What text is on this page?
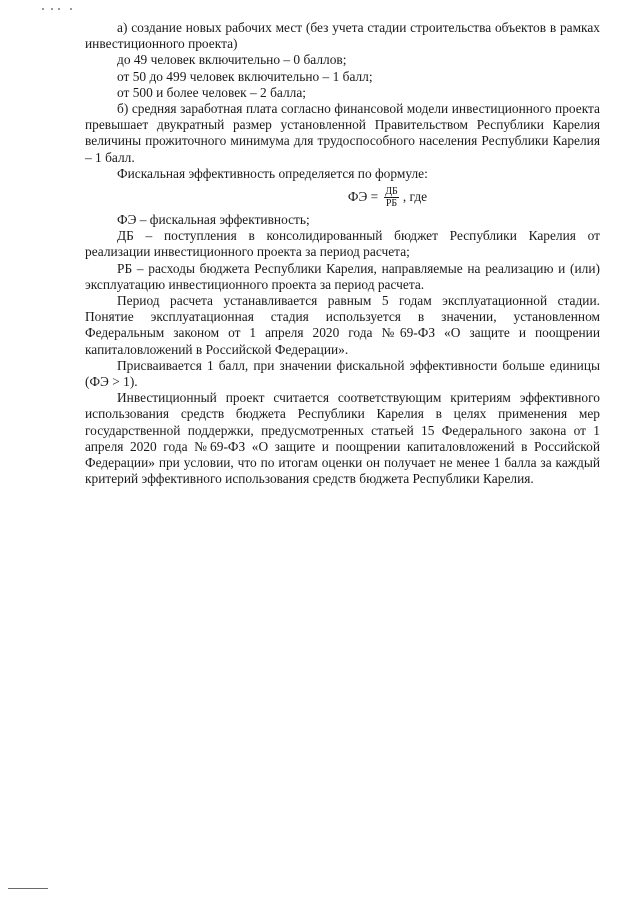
а) создание новых рабочих мест (без учета стадии строительства объектов в рамках инвестиционного проекта)

до 49 человек включительно – 0 баллов;

от 50 до 499 человек включительно – 1 балл;

от 500 и более человек – 2 балла;

б) средняя заработная плата согласно финансовой модели инвестиционного проекта превышает двукратный размер установленной Правительством Республики Карелия величины прожиточного минимума для трудоспособного населения Республики Карелия – 1 балл.

Фискальная эффективность определяется по формуле:

ФЭ = $\frac{ДБ}{РБ}$ , где

ФЭ – фискальная эффективность;

ДБ – поступления в консолидированный бюджет Республики Карелия от реализации инвестиционного проекта за период расчета;

РБ – расходы бюджета Республики Карелия, направляемые на реализацию и (или) эксплуатацию инвестиционного проекта за период расчета.

Период расчета устанавливается равным 5 годам эксплуатационной стадии. Понятие эксплуатационная стадия используется в значении, установленном Федеральным законом от 1 апреля 2020 года №69-ФЗ «О защите и поощрении капиталовложений в Российской Федерации».

Присваивается 1 балл, при значении фискальной эффективности больше единицы (ФЭ > 1).

Инвестиционный проект считается соответствующим критериям эффективного использования средств бюджета Республики Карелия в целях применения мер государственной поддержки, предусмотренных статьей 15 Федерального закона от 1 апреля 2020 года №69-ФЗ «О защите и поощрении капиталовложений в Российской Федерации» при условии, что по итогам оценки он получает не менее 1 балла за каждый критерий эффективного использования средств бюджета Республики Карелия.
